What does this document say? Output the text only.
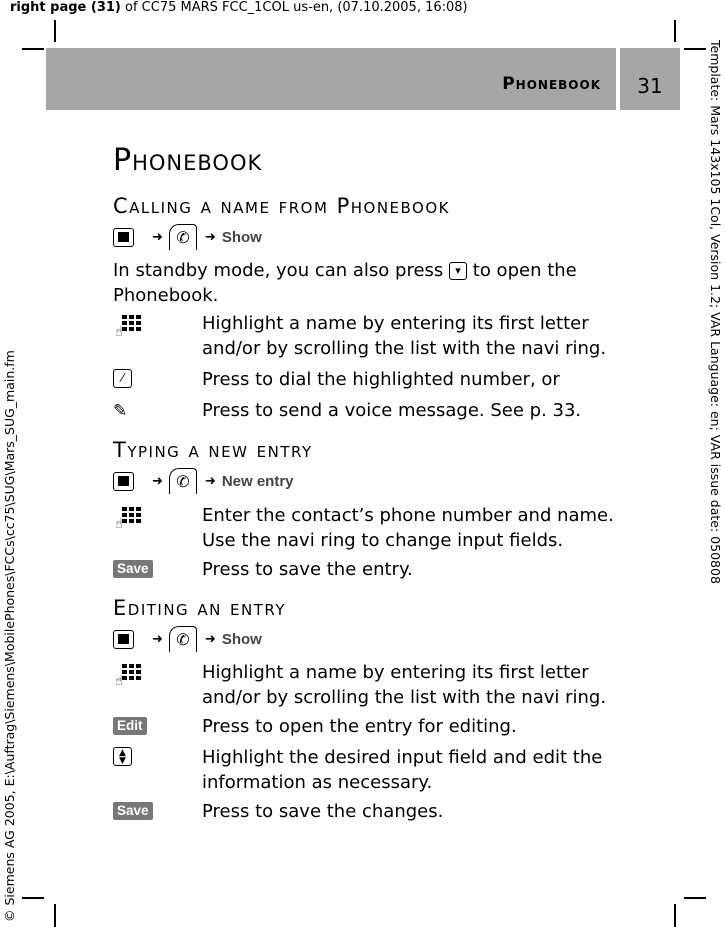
right page (31) of CC75 MARS FCC_1COL us-en, (07.10.2005, 16:08)
Template: Mars 143x105 1Col, Version 1.2; VAR Language: en; VAR issue date: 050808
© Siemens AG 2005, E:\Auftrag\Siemens\MobilePhones\FCCs\cc75\SUG\Mars_SUG_main.fm
31
Phonebook
Phonebook
Calling a name from Phonebook
➜ ✆	➜ Show
In standby mode, you can also press ▾ to open the Phonebook.
☝	Highlight a name by entering its first letter and/or by scrolling the list with the navi ring.
⁄	Press to dial the highlighted number, or
✎	Press to send a voice message. See p. 33.
Typing a new entry
➜ ✆	➜ New entry
☝	Enter the contact’s phone number and name. Use the navi ring to change input fields.
Save	Press to save the entry.
Editing an entry
➜ ✆	➜ Show
☝	Highlight a name by entering its first letter and/or by scrolling the list with the navi ring.
Edit	Press to open the entry for editing.
▲
▼	Highlight the desired input field and edit the information as necessary.
Save	Press to save the changes.
